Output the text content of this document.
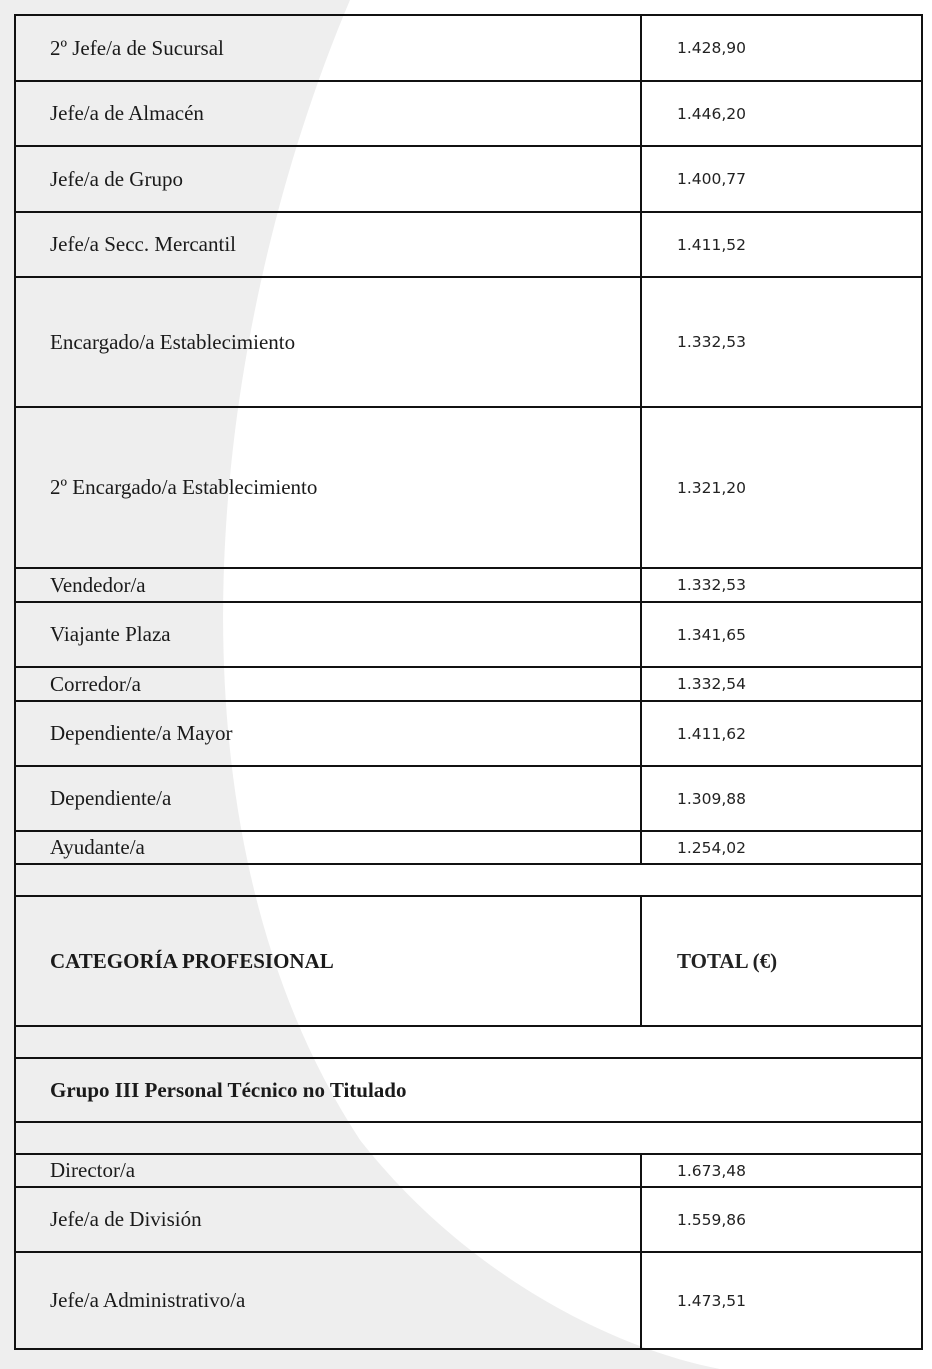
2º Jefe/a de Sucursal	1.428,90
Jefe/a de Almacén	1.446,20
Jefe/a de Grupo	1.400,77
Jefe/a Secc. Mercantil	1.411,52
Encargado/a Establecimiento	1.332,53
2º Encargado/a Establecimiento	1.321,20
Vendedor/a	1.332,53
Viajante Plaza	1.341,65
Corredor/a	1.332,54
Dependiente/a Mayor	1.411,62
Dependiente/a	1.309,88
Ayudante/a	1.254,02

CATEGORÍA PROFESIONAL	TOTAL (€)

Grupo III Personal Técnico no Titulado	

Director/a	1.673,48
Jefe/a de División	1.559,86
Jefe/a Administrativo/a	1.473,51
